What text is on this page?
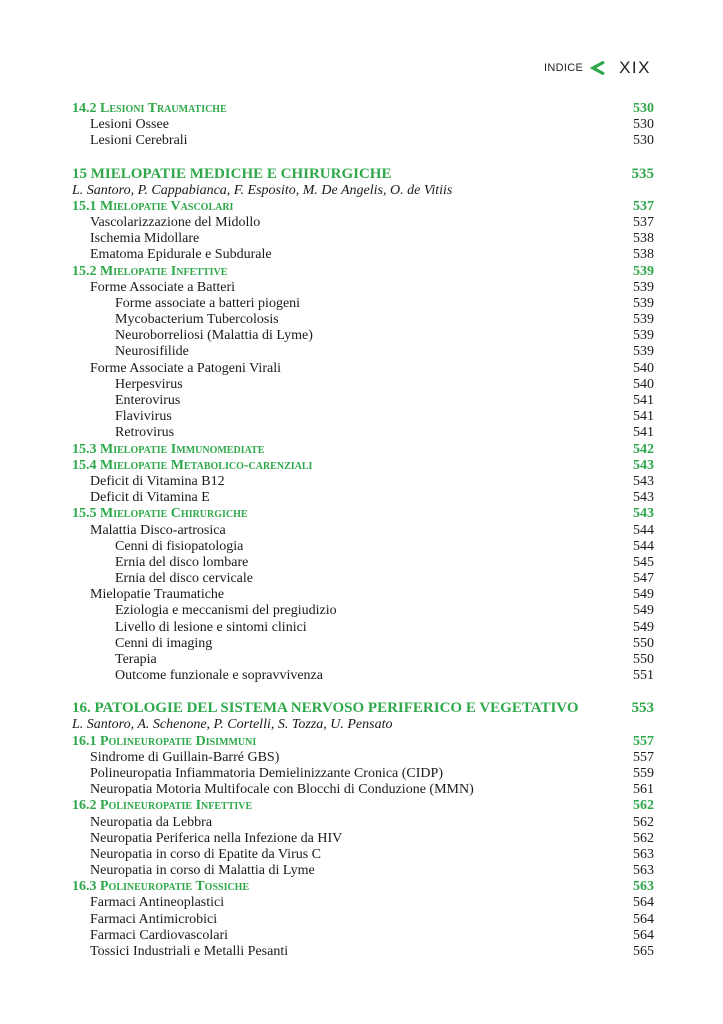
INDICE XIX
14.2 Lesioni Traumatiche	530
Lesioni Ossee	530
Lesioni Cerebrali	530
15 MIELOPATIE MEDICHE E CHIRURGICHE	535
L. Santoro, P. Cappabianca, F. Esposito, M. De Angelis, O. de Vitiis
15.1 Mielopatie Vascolari	537
Vascolarizzazione del Midollo	537
Ischemia Midollare	538
Ematoma Epidurale e Subdurale	538
15.2 Mielopatie Infettive	539
Forme Associate a Batteri	539
Forme associate a batteri piogeni	539
Mycobacterium Tubercolosis	539
Neuroborreliosi (Malattia di Lyme)	539
Neurosifilide	539
Forme Associate a Patogeni Virali	540
Herpesvirus	540
Enterovirus	541
Flavivirus	541
Retrovirus	541
15.3 Mielopatie Immunomediate	542
15.4 Mielopatie Metabolico-carenziali	543
Deficit di Vitamina B12	543
Deficit di Vitamina E	543
15.5 Mielopatie Chirurgiche	543
Malattia Disco-artrosica	544
Cenni di fisiopatologia	544
Ernia del disco lombare	545
Ernia del disco cervicale	547
Mielopatie Traumatiche	549
Eziologia e meccanismi del pregiudizio	549
Livello di lesione e sintomi clinici	549
Cenni di imaging	550
Terapia	550
Outcome funzionale e sopravvivenza	551
16. PATOLOGIE DEL SISTEMA NERVOSO PERIFERICO E VEGETATIVO	553
L. Santoro, A. Schenone, P. Cortelli, S. Tozza, U. Pensato
16.1 Polineuropatie Disimmuni	557
Sindrome di Guillain-Barré GBS)	557
Polineuropatia Infiammatoria Demielinizzante Cronica (CIDP)	559
Neuropatia Motoria Multifocale con Blocchi di Conduzione (MMN)	561
16.2 Polineuropatie Infettive	562
Neuropatia da Lebbra	562
Neuropatia Periferica nella Infezione da HIV	562
Neuropatia in corso di Epatite da Virus C	563
Neuropatia in corso di Malattia di Lyme	563
16.3 Polineuropatie Tossiche	563
Farmaci Antineoplastici	564
Farmaci Antimicrobici	564
Farmaci Cardiovascolari	564
Tossici Industriali e Metalli Pesanti	565
